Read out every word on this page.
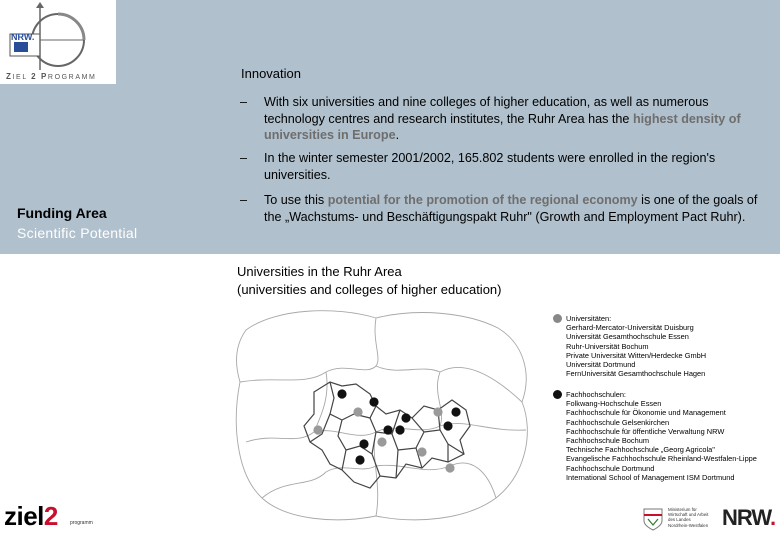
NRW.
ZIEL 2 PROGRAMM	Innovation
– With six universities and nine colleges of higher education, as well as numerous technology centres and research institutes, the Ruhr Area has the highest density of universities in Europe.
– In the winter semester 2001/2002, 165.802 students were enrolled in the region's universities.
– To use this potential for the promotion of the regional economy is one of the goals of the „Wachstums- und Beschäftigungspakt Ruhr" (Growth and Employment Pact Ruhr).
Funding Area
Scientific Potential
Universities in the Ruhr Area
(universities and colleges of higher education)
Universitäten:
Gerhard-Mercator-Universität Duisburg
Universität Gesamthochschule Essen
Ruhr-Universität Bochum
Private Universität Witten/Herdecke GmbH
Universität Dortmund
FernUniversität Gesamthochschule Hagen
Fachhochschulen:
Folkwang-Hochschule Essen
Fachhochschule für Ökonomie und Management
Fachhochschule Gelsenkirchen
Fachhochschule für öffentliche Verwaltung NRW
Fachhochschule Bochum
Technische Fachhochschule „Georg Agricola"
Evangelische Fachhochschule Rheinland-Westfalen-Lippe
Fachhochschule Dortmund
International School of Management ISM Dortmund
ziel2 programm
Ministerium für
Wirtschaft und Arbeit
des Landes
Nordrhein-Westfalen NRW.
